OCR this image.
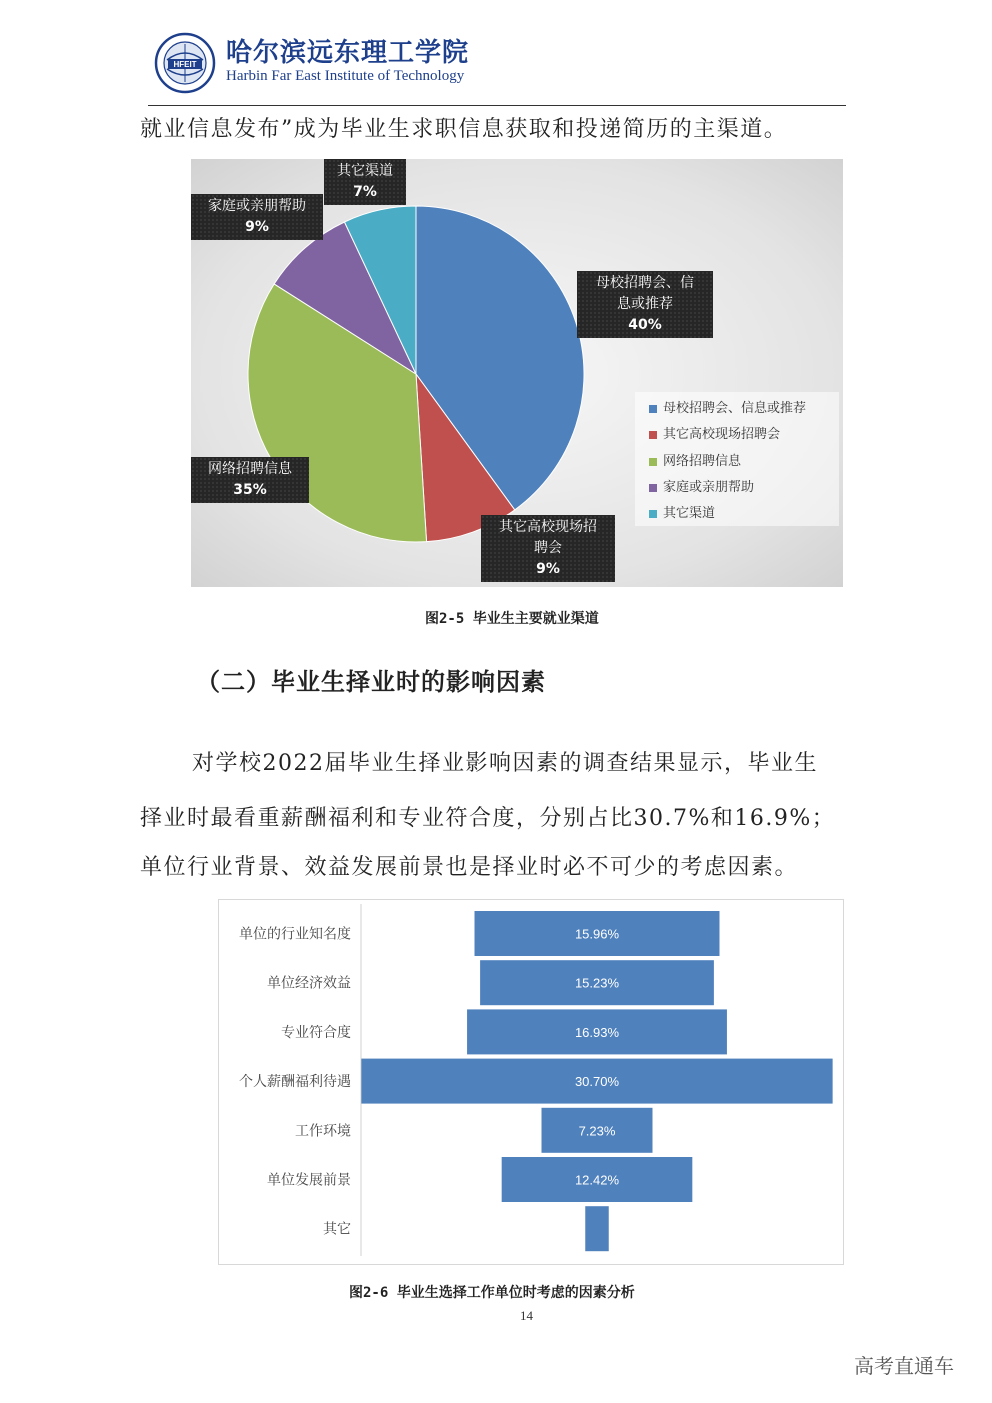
HFEIT 哈尔滨远东理工学院
Harbin Far East Institute of Technology
就业信息发布”成为毕业生求职信息获取和投递简历的主渠道。
母校招聘会、信
息或推荐
40%
其它高校现场招
聘会
9%
网络招聘信息
35%
家庭或亲朋帮助
9%
其它渠道
7%
母校招聘会、信息或推荐
其它高校现场招聘会
网络招聘信息
家庭或亲朋帮助
其它渠道
图2-5 毕业生主要就业渠道
（二）毕业生择业时的影响因素
对学校2022届毕业生择业影响因素的调查结果显示，毕业生
择业时最看重薪酬福利和专业符合度，分别占比30.7%和16.9%；
单位行业背景、效益发展前景也是择业时必不可少的考虑因素。
单位的行业知名度	15.96%
单位经济效益	15.23%
专业符合度	16.93%
个人薪酬福利待遇	30.70%
工作环境	7.23%
单位发展前景	12.42%
其它
图2-6 毕业生选择工作单位时考虑的因素分析
14
高考直通车
